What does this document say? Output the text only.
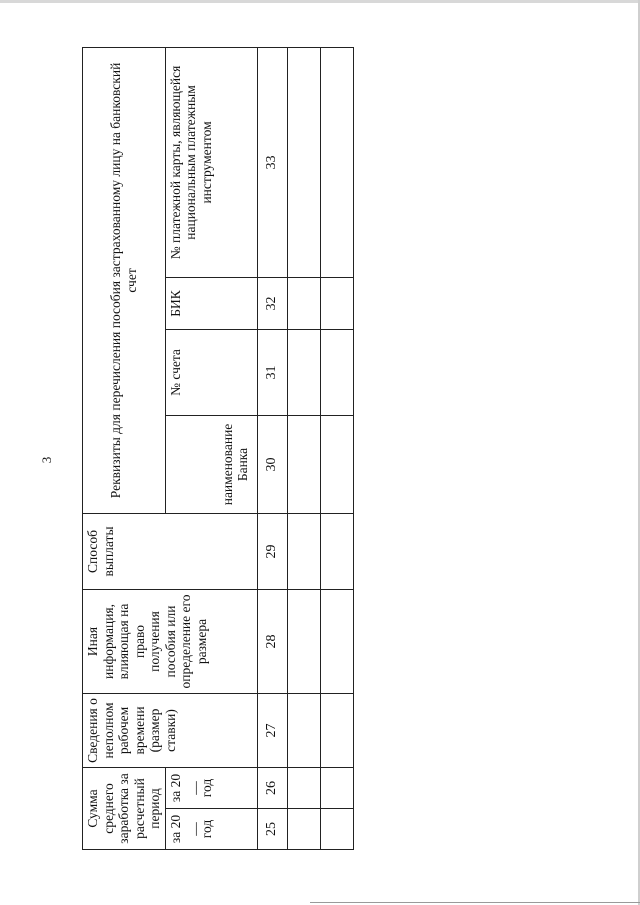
3
Сумма среднего заработка за расчетный период		Сведения о неполном рабочем времени (размер ставки)	Иная информация, влияющая на право получения пособия или определение его размера	Способ выплаты	Реквизиты для перечисления пособия застрахованному лицу на банковский счет			
за 20 __ год	за 20 __ год				наименование Банка	№ счета	БИК	№ платежной карты, являющейся национальным платежным инструментом
25	26	27	28	29	30	31	32	33
